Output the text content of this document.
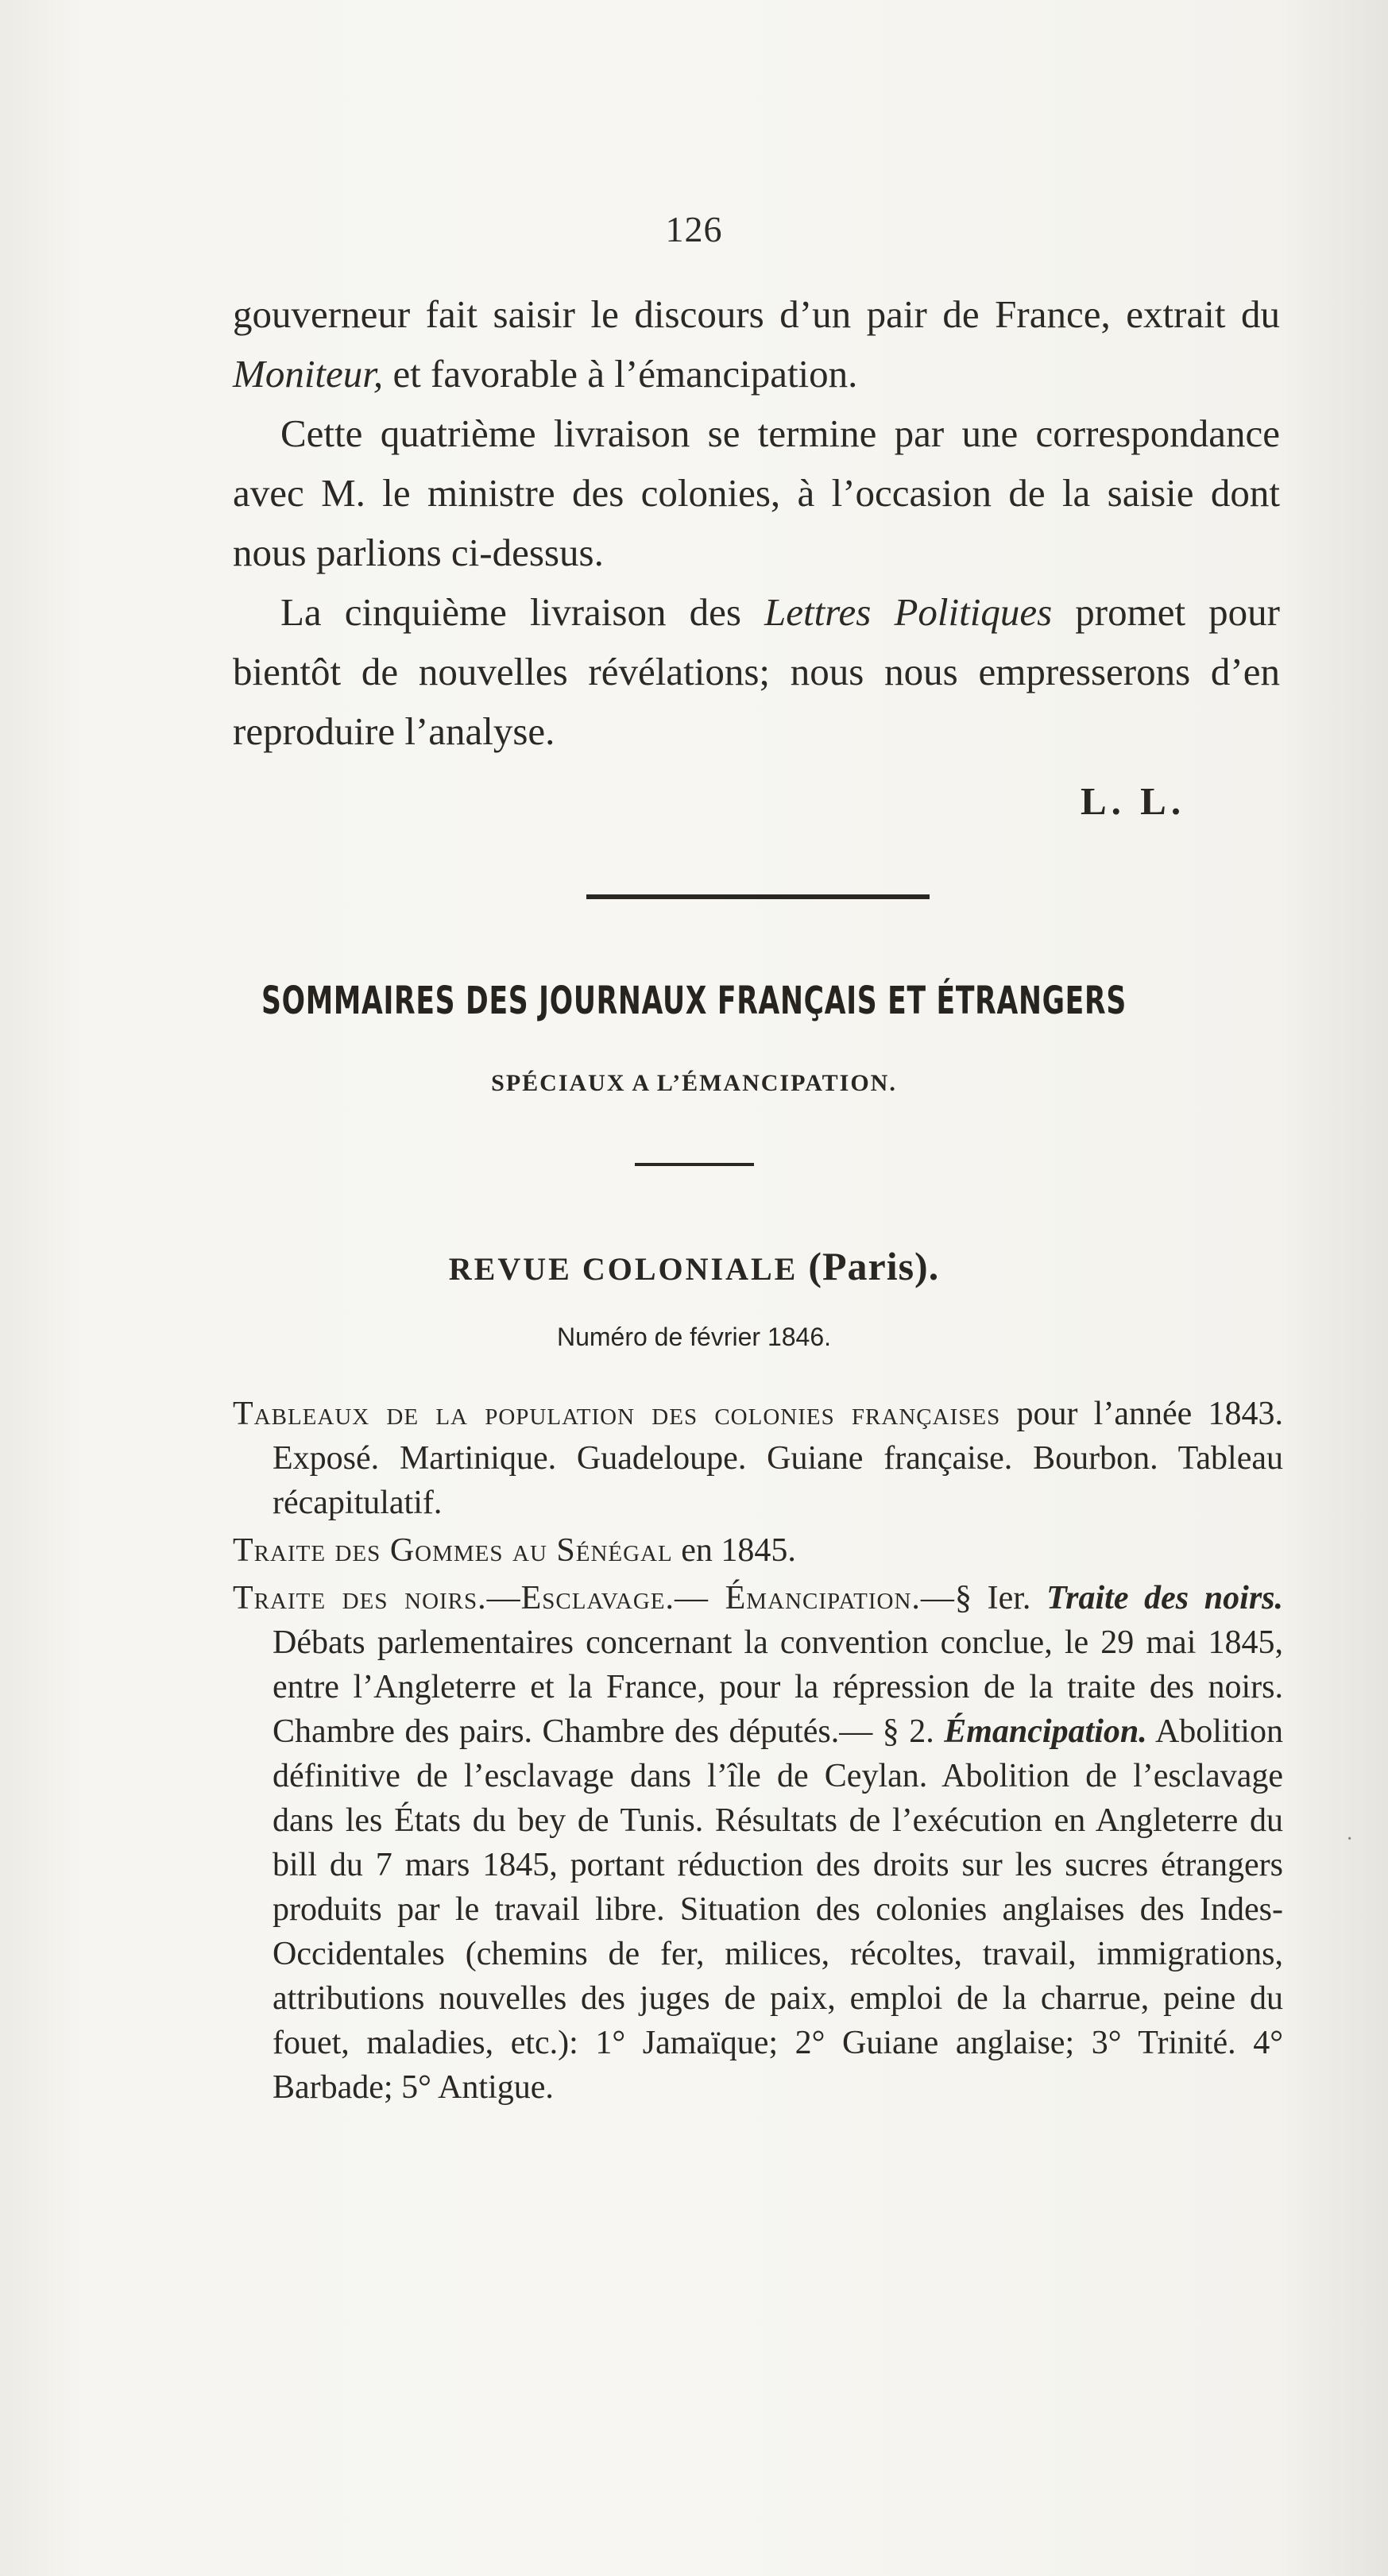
126

gouverneur fait saisir le discours d’un pair de France, extrait du Moniteur, et favorable à l’émancipation.

Cette quatrième livraison se termine par une correspondance avec M. le ministre des colonies, à l’occasion de la saisie dont nous parlions ci-dessus.

La cinquième livraison des Lettres Politiques promet pour bientôt de nouvelles révélations; nous nous empresserons d’en reproduire l’analyse.

L. L.
SOMMAIRES DES JOURNAUX FRANÇAIS ET ÉTRANGERS
SPÉCIAUX A L’ÉMANCIPATION.
REVUE COLONIALE (Paris).
Numéro de février 1846.

Tableaux de la population des colonies françaises pour l’année 1843. Exposé. Martinique. Guadeloupe. Guiane française. Bourbon. Tableau récapitulatif.

Traite des Gommes au Sénégal en 1845.

Traite des noirs.—Esclavage.— Émancipation.—§ Ier. Traite des noirs. Débats parlementaires concernant la convention conclue, le 29 mai 1845, entre l’Angleterre et la France, pour la répression de la traite des noirs. Chambre des pairs. Chambre des députés.— § 2. Émancipation. Abolition définitive de l’esclavage dans l’île de Ceylan. Abolition de l’esclavage dans les États du bey de Tunis. Résultats de l’exécution en Angleterre du bill du 7 mars 1845, portant réduction des droits sur les sucres étrangers produits par le travail libre. Situation des colonies anglaises des Indes-Occidentales (chemins de fer, milices, récoltes, travail, immigrations, attributions nouvelles des juges de paix, emploi de la charrue, peine du fouet, maladies, etc.): 1° Jamaïque; 2° Guiane anglaise; 3° Trinité. 4° Barbade; 5° Antigue.

·
